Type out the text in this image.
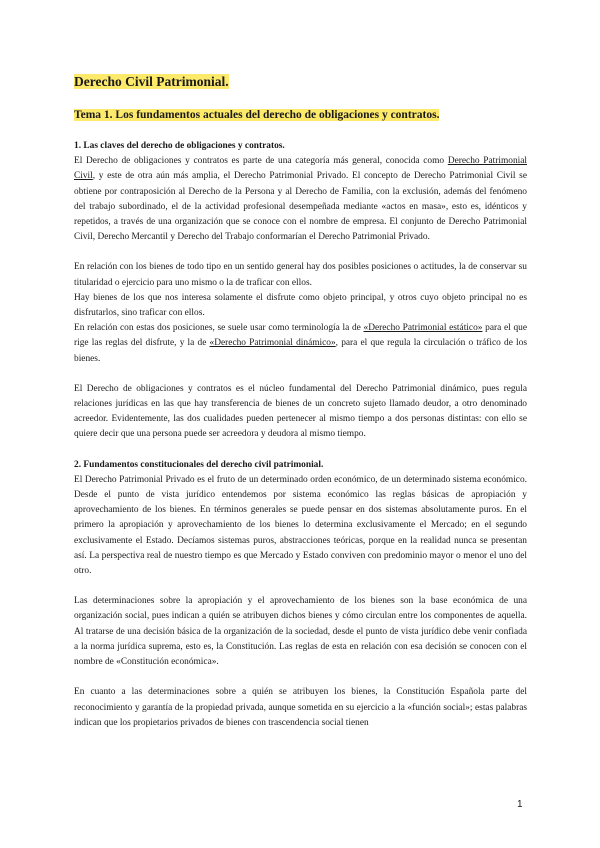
Derecho Civil Patrimonial.
Tema 1. Los fundamentos actuales del derecho de obligaciones y contratos.

1. Las claves del derecho de obligaciones y contratos.

El Derecho de obligaciones y contratos es parte de una categoría más general, conocida como Derecho Patrimonial Civil, y este de otra aún más amplia, el Derecho Patrimonial Privado. El concepto de Derecho Patrimonial Civil se obtiene por contraposición al Derecho de la Persona y al Derecho de Familia, con la exclusión, además del fenómeno del trabajo subordinado, el de la actividad profesional desempeñada mediante «actos en masa», esto es, idénticos y repetidos, a través de una organización que se conoce con el nombre de empresa. El conjunto de Derecho Patrimonial Civil, Derecho Mercantil y Derecho del Trabajo conformarían el Derecho Patrimonial Privado.

En relación con los bienes de todo tipo en un sentido general hay dos posibles posiciones o actitudes, la de conservar su titularidad o ejercicio para uno mismo o la de traficar con ellos.

Hay bienes de los que nos interesa solamente el disfrute como objeto principal, y otros cuyo objeto principal no es disfrutarlos, sino traficar con ellos.

En relación con estas dos posiciones, se suele usar como terminología la de «Derecho Patrimonial estático» para el que rige las reglas del disfrute, y la de «Derecho Patrimonial dinámico», para el que regula la circulación o tráfico de los bienes.

El Derecho de obligaciones y contratos es el núcleo fundamental del Derecho Patrimonial dinámico, pues regula relaciones jurídicas en las que hay transferencia de bienes de un concreto sujeto llamado deudor, a otro denominado acreedor. Evidentemente, las dos cualidades pueden pertenecer al mismo tiempo a dos personas distintas: con ello se quiere decir que una persona puede ser acreedora y deudora al mismo tiempo.

2. Fundamentos constitucionales del derecho civil patrimonial.

El Derecho Patrimonial Privado es el fruto de un determinado orden económico, de un determinado sistema económico. Desde el punto de vista jurídico entendemos por sistema económico las reglas básicas de apropiación y aprovechamiento de los bienes. En términos generales se puede pensar en dos sistemas absolutamente puros. En el primero la apropiación y aprovechamiento de los bienes lo determina exclusivamente el Mercado; en el segundo exclusivamente el Estado. Decíamos sistemas puros, abstracciones teóricas, porque en la realidad nunca se presentan así. La perspectiva real de nuestro tiempo es que Mercado y Estado conviven con predominio mayor o menor el uno del otro.

Las determinaciones sobre la apropiación y el aprovechamiento de los bienes son la base económica de una organización social, pues indican a quién se atribuyen dichos bienes y cómo circulan entre los componentes de aquella. Al tratarse de una decisión básica de la organización de la sociedad, desde el punto de vista jurídico debe venir confiada a la norma jurídica suprema, esto es, la Constitución. Las reglas de esta en relación con esa decisión se conocen con el nombre de «Constitución económica».

En cuanto a las determinaciones sobre a quién se atribuyen los bienes, la Constitución Española parte del reconocimiento y garantía de la propiedad privada, aunque sometida en su ejercicio a la «función social»; estas palabras indican que los propietarios privados de bienes con trascendencia social tienen

1
